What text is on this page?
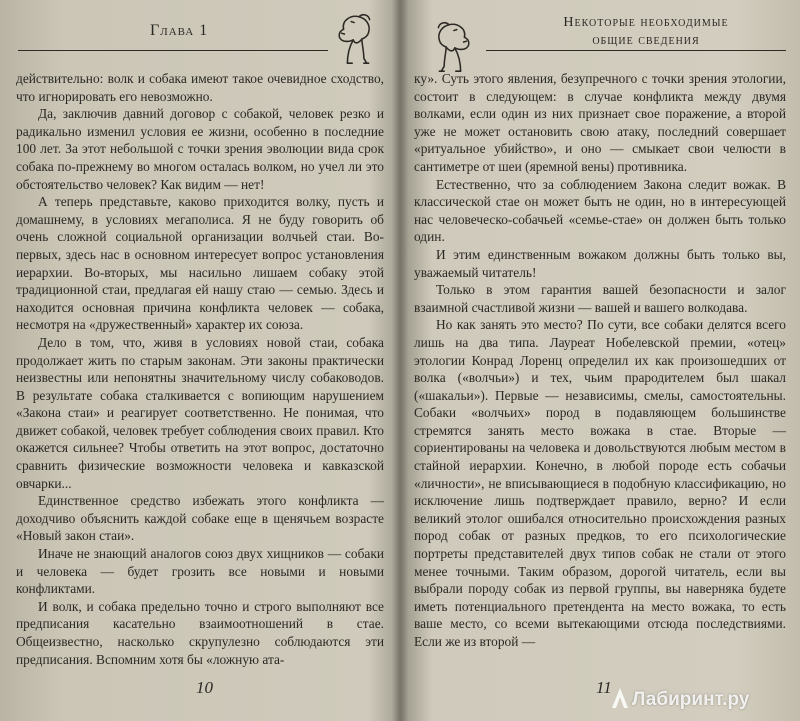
Глава 1

действительно: волк и собака имеют такое очевидное сходство, что игнорировать его невозможно.

Да, заключив давний договор с собакой, человек резко и радикально изменил условия ее жизни, особенно в последние 100 лет. За этот небольшой с точки зрения эволюции вида срок собака по-прежнему во многом осталась волком, но учел ли это обстоятельство человек? Как видим — нет!

А теперь представьте, каково приходится волку, пусть и домашнему, в условиях мегаполиса. Я не буду говорить об очень сложной социальной организации волчьей стаи. Во-первых, здесь нас в основном интересует вопрос установления иерархии. Во-вторых, мы насильно лишаем собаку этой традиционной стаи, предлагая ей нашу стаю — семью. Здесь и находится основная причина конфликта человек — собака, несмотря на «дружественный» характер их союза.

Дело в том, что, живя в условиях новой стаи, собака продолжает жить по старым законам. Эти законы практически неизвестны или непонятны значительному числу собаководов. В результате собака сталкивается с вопиющим нарушением «Закона стаи» и реагирует соответственно. Не понимая, что движет собакой, человек требует соблюдения своих правил. Кто окажется сильнее? Чтобы ответить на этот вопрос, достаточно сравнить физические возможности человека и кавказской овчарки...

Единственное средство избежать этого конфликта — доходчиво объяснить каждой собаке еще в щенячьем возрасте «Новый закон стаи».

Иначе не знающий аналогов союз двух хищников — собаки и человека — будет грозить все новыми и новыми конфликтами.

И волк, и собака предельно точно и строго выполняют все предписания касательно взаимоотношений в стае. Общеизвестно, насколько скрупулезно соблюдаются эти предписания. Вспомним хотя бы «ложную ата-

10
Некоторые необходимые
общие сведения

ку». Суть этого явления, безупречного с точки зрения этологии, состоит в следующем: в случае конфликта между двумя волками, если один из них признает свое поражение, а второй уже не может остановить свою атаку, последний совершает «ритуальное убийство», и оно — смыкает свои челюсти в сантиметре от шеи (яремной вены) противника.

Естественно, что за соблюдением Закона следит вожак. В классической стае он может быть не один, но в интересующей нас человеческо-собачьей «семье-стае» он должен быть только один.

И этим единственным вожаком должны быть только вы, уважаемый читатель!

Только в этом гарантия вашей безопасности и залог взаимной счастливой жизни — вашей и вашего волкодава.

Но как занять это место? По сути, все собаки делятся всего лишь на два типа. Лауреат Нобелевской премии, «отец» этологии Конрад Лоренц определил их как произошедших от волка («волчьи») и тех, чьим прародителем был шакал («шакальи»). Первые — независимы, смелы, самостоятельны. Собаки «волчьих» пород в подавляющем большинстве стремятся занять место вожака в стае. Вторые — сориентированы на человека и довольствуются любым местом в стайной иерархии. Конечно, в любой породе есть собачьи «личности», не вписывающиеся в подобную классификацию, но исключение лишь подтверждает правило, верно? И если великий этолог ошибался относительно происхождения разных пород собак от разных предков, то его психологические портреты представителей двух типов собак не стали от этого менее точными. Таким образом, дорогой читатель, если вы выбрали породу собак из первой группы, вы наверняка будете иметь потенциального претендента на место вожака, то есть ваше место, со всеми вытекающими отсюда последствиями. Если же из второй —

11
Лабиринт.ру
